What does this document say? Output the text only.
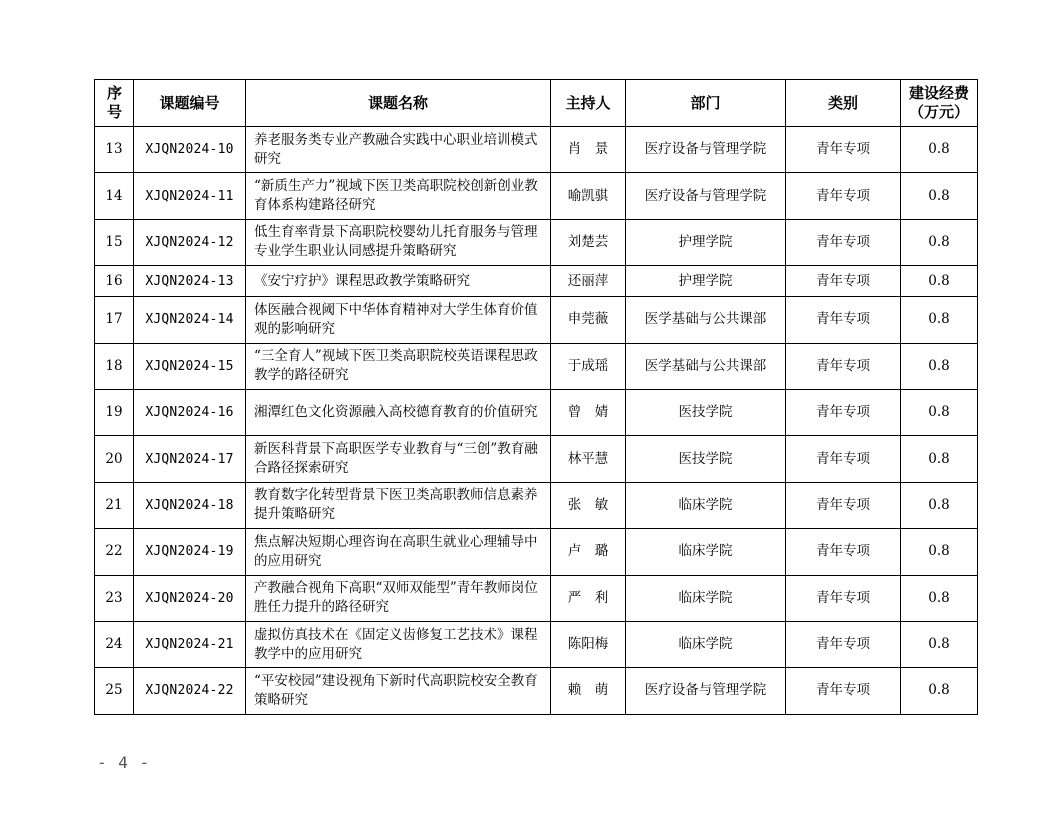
序号	课题编号	课题名称	主持人	部门	类别	建设经费
（万元）

13	XJQN2024-10	养老服务类专业产教融合实践中心职业培训模式研究	肖　景	医疗设备与管理学院	青年专项	0.8
14	XJQN2024-11	“新质生产力”视域下医卫类高职院校创新创业教育体系构建路径研究	喻凯骐	医疗设备与管理学院	青年专项	0.8
15	XJQN2024-12	低生育率背景下高职院校婴幼儿托育服务与管理专业学生职业认同感提升策略研究	刘楚芸	护理学院	青年专项	0.8
16	XJQN2024-13	《安宁疗护》课程思政教学策略研究	还丽萍	护理学院	青年专项	0.8
17	XJQN2024-14	体医融合视阈下中华体育精神对大学生体育价值观的影响研究	申莞薇	医学基础与公共课部	青年专项	0.8
18	XJQN2024-15	“三全育人”视域下医卫类高职院校英语课程思政教学的路径研究	于成瑶	医学基础与公共课部	青年专项	0.8
19	XJQN2024-16	湘潭红色文化资源融入高校德育教育的价值研究	曾　婧	医技学院	青年专项	0.8
20	XJQN2024-17	新医科背景下高职医学专业教育与“三创”教育融合路径探索研究	林平慧	医技学院	青年专项	0.8
21	XJQN2024-18	教育数字化转型背景下医卫类高职教师信息素养提升策略研究	张　敏	临床学院	青年专项	0.8
22	XJQN2024-19	焦点解决短期心理咨询在高职生就业心理辅导中的应用研究	卢　璐	临床学院	青年专项	0.8
23	XJQN2024-20	产教融合视角下高职“双师双能型”青年教师岗位胜任力提升的路径研究	严　利	临床学院	青年专项	0.8
24	XJQN2024-21	虚拟仿真技术在《固定义齿修复工艺技术》课程教学中的应用研究	陈阳梅	临床学院	青年专项	0.8
25	XJQN2024-22	“平安校园”建设视角下新时代高职院校安全教育策略研究	赖　萌	医疗设备与管理学院	青年专项	0.8
- 4 -
